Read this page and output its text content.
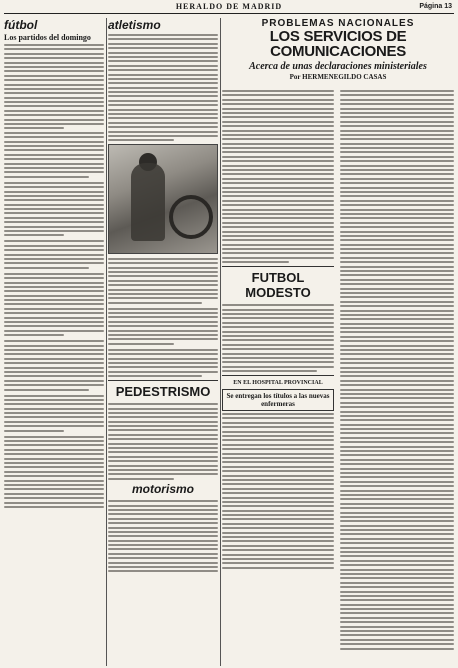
HERALDO DE MADRID	Página 13
fútbol
Los partidos del domingo
atletismo
PEDESTRISMO
motorismo
PROBLEMAS NACIONALES
LOS SERVICIOS DE COMUNICACIONES
Acerca de unas declaraciones ministeriales
Por HERMENEGILDO CASAS
FUTBOL MODESTO
EN EL HOSPITAL PROVINCIAL
Se entregan los títulos a las nuevas enfermeras
